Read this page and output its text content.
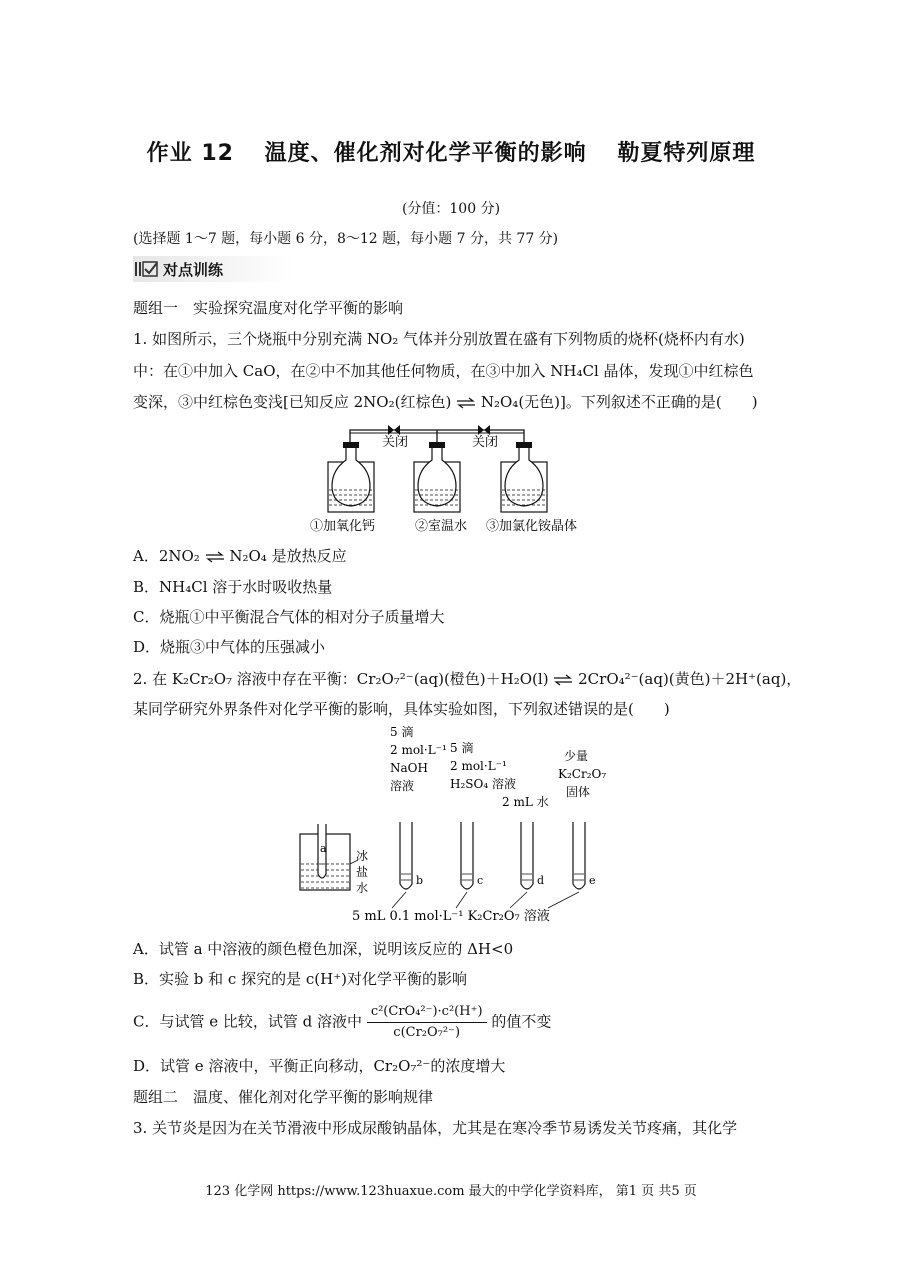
作业 12 温度、催化剂对化学平衡的影响 勒夏特列原理
(分值：100 分)
(选择题 1～7 题，每小题 6 分，8～12 题，每小题 7 分，共 77 分)
对点训练
题组一　实验探究温度对化学平衡的影响
1. 如图所示，三个烧瓶中分别充满 NO₂ 气体并分别放置在盛有下列物质的烧杯(烧杯内有水)
中：在①中加入 CaO，在②中不加其他任何物质，在③中加入 NH₄Cl 晶体，发现①中红棕色
变深，③中红棕色变浅[已知反应 2NO₂(红棕色) ⇌ N₂O₄(无色)]。下列叙述不正确的是(　　)
关闭	关闭
①加氧化钙	②室温水 ③加氯化铵晶体
A．2NO₂ ⇌ N₂O₄ 是放热反应
B．NH₄Cl 溶于水时吸收热量
C．烧瓶①中平衡混合气体的相对分子质量增大
D．烧瓶③中气体的压强减小
2. 在 K₂Cr₂O₇ 溶液中存在平衡：Cr₂O₇²⁻(aq)(橙色)＋H₂O(l) ⇌ 2CrO₄²⁻(aq)(黄色)＋2H⁺(aq)，
某同学研究外界条件对化学平衡的影响，具体实验如图，下列叙述错误的是(　　)
5 滴
2 mol·L⁻¹
NaOH
溶液
5 滴
2 mol·L⁻¹
H₂SO₄ 溶液
2 mL 水
少量
K₂Cr₂O₇
固体
a
冰
盐
水
b	c	d	e
5 mL 0.1 mol·L⁻¹ K₂Cr₂O₇ 溶液
A．试管 a 中溶液的颜色橙色加深，说明该反应的 ΔH<0
B．实验 b 和 c 探究的是 c(H⁺)对化学平衡的影响
C．与试管 e 比较，试管 d 溶液中 $\frac{\text{c²(CrO₄²⁻)·c²(H⁺)}}{\text{c(Cr₂O₇²⁻)}}$ 的值不变
D．试管 e 溶液中，平衡正向移动，Cr₂O₇²⁻的浓度增大
题组二　温度、催化剂对化学平衡的影响规律
3. 关节炎是因为在关节滑液中形成尿酸钠晶体，尤其是在寒冷季节易诱发关节疼痛，其化学
123 化学网 https://www.123huaxue.com 最大的中学化学资料库， 第1 页 共5 页
